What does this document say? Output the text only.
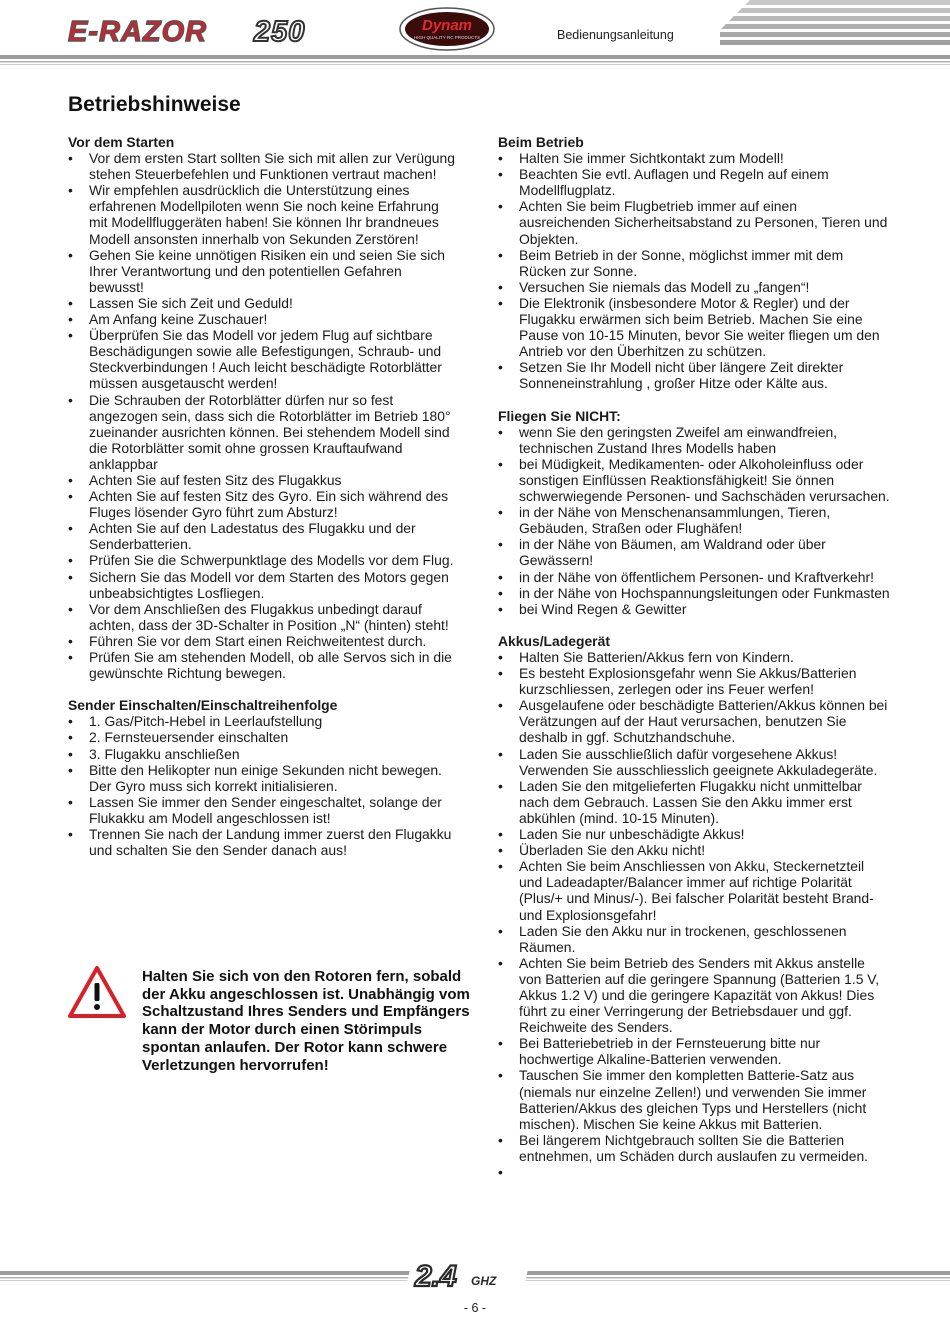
E-RAZOR 250	Dynam
HIGH QUALITY RC PRODUCTS	Bedienungsanleitung
Betriebshinweise

Vor dem Starten

• Vor dem ersten Start sollten Sie sich mit allen zur Verügung stehen Steuerbefehlen und Funktionen vertraut machen!
• Wir empfehlen ausdrücklich die Unterstützung eines erfahrenen Modellpiloten wenn Sie noch keine Erfahrung mit Modellfluggeräten haben! Sie können Ihr brandneues Modell ansonsten innerhalb von Sekunden Zerstören!
• Gehen Sie keine unnötigen Risiken ein und seien Sie sich Ihrer Verantwortung und den potentiellen Gefahren bewusst!
• Lassen Sie sich Zeit und Geduld!
• Am Anfang keine Zuschauer!
• Überprüfen Sie das Modell vor jedem Flug auf sichtbare Beschädigungen sowie alle Befestigungen, Schraub- und Steckverbindungen ! Auch leicht beschädigte Rotorblätter müssen ausgetauscht werden!
• Die Schrauben der Rotorblätter dürfen nur so fest angezogen sein, dass sich die Rotorblätter im Betrieb 180° zueinander ausrichten können. Bei stehendem Modell sind die Rotorblätter somit ohne grossen Krauftaufwand anklappbar
• Achten Sie auf festen Sitz des Flugakkus
• Achten Sie auf festen Sitz des Gyro. Ein sich während des Fluges lösender Gyro führt zum Absturz!
• Achten Sie auf den Ladestatus des Flugakku und der Senderbatterien.
• Prüfen Sie die Schwerpunktlage des Modells vor dem Flug.
• Sichern Sie das Modell vor dem Starten des Motors gegen unbeabsichtigtes Losfliegen.
• Vor dem Anschließen des Flugakkus unbedingt darauf achten, dass der 3D-Schalter in Position „N“ (hinten) steht!
• Führen Sie vor dem Start einen Reichweitentest durch.
• Prüfen Sie am stehenden Modell, ob alle Servos sich in die gewünschte Richtung bewegen.

Sender Einschalten/Einschaltreihenfolge

• 1. Gas/Pitch-Hebel in Leerlaufstellung
• 2. Fernsteuersender einschalten
• 3. Flugakku anschließen
• Bitte den Helikopter nun einige Sekunden nicht bewegen. Der Gyro muss sich korrekt initialisieren.
• Lassen Sie immer den Sender eingeschaltet, solange der Flukakku am Modell angeschlossen ist!
• Trennen Sie nach der Landung immer zuerst den Flugakku und schalten Sie den Sender danach aus!
Halten Sie sich von den Rotoren fern, sobald der Akku angeschlossen ist. Unabhängig vom Schaltzustand Ihres Senders und Empfängers kann der Motor durch einen Störimpuls spontan anlaufen. Der Rotor kann schwere Verletzungen hervorrufen!

Beim Betrieb

• Halten Sie immer Sichtkontakt zum Modell!
• Beachten Sie evtl. Auflagen und Regeln auf einem Modellflugplatz.
• Achten Sie beim Flugbetrieb immer auf einen ausreichenden Sicherheitsabstand zu Personen, Tieren und Objekten.
• Beim Betrieb in der Sonne, möglichst immer mit dem Rücken zur Sonne.
• Versuchen Sie niemals das Modell zu „fangen“!
• Die Elektronik (insbesondere Motor & Regler) und der Flugakku erwärmen sich beim Betrieb. Machen Sie eine Pause von 10-15 Minuten, bevor Sie weiter fliegen um den Antrieb vor den Überhitzen zu schützen.
• Setzen Sie Ihr Modell nicht über längere Zeit direkter Sonneneinstrahlung , großer Hitze oder Kälte aus.

Fliegen Sie NICHT:

• wenn Sie den geringsten Zweifel am einwandfreien, technischen Zustand Ihres Modells haben
• bei Müdigkeit, Medikamenten- oder Alkoholeinfluss oder sonstigen Einflüssen Reaktionsfähigkeit! Sie önnen schwerwiegende Personen- und Sachschäden verursachen.
• in der Nähe von Menschenansammlungen, Tieren, Gebäuden, Straßen oder Flughäfen!
• in der Nähe von Bäumen, am Waldrand oder über Gewässern!
• in der Nähe von öffentlichem Personen- und Kraftverkehr!
• in der Nähe von Hochspannungsleitungen oder Funkmasten
• bei Wind Regen & Gewitter

Akkus/Ladegerät

• Halten Sie Batterien/Akkus fern von Kindern.
• Es besteht Explosionsgefahr wenn Sie Akkus/Batterien kurzschliessen, zerlegen oder ins Feuer werfen!
• Ausgelaufene oder beschädigte Batterien/Akkus können bei Verätzungen auf der Haut verursachen, benutzen Sie deshalb in ggf. Schutzhandschuhe.
• Laden Sie ausschließlich dafür vorgesehene Akkus! Verwenden Sie ausschliesslich geeignete Akkuladegeräte.
• Laden Sie den mitgelieferten Flugakku nicht unmittelbar nach dem Gebrauch. Lassen Sie den Akku immer erst abkühlen (mind. 10-15 Minuten).
• Laden Sie nur unbeschädigte Akkus!
• Überladen Sie den Akku nicht!
• Achten Sie beim Anschliessen von Akku, Steckernetzteil und Ladeadapter/Balancer immer auf richtige Polarität (Plus/+ und Minus/-). Bei falscher Polarität besteht Brand- und Explosionsgefahr!
• Laden Sie den Akku nur in trockenen, geschlossenen Räumen.
• Achten Sie beim Betrieb des Senders mit Akkus anstelle von Batterien auf die geringere Spannung (Batterien 1.5 V, Akkus 1.2 V) und die geringere Kapazität von Akkus! Dies führt zu einer Verringerung der Betriebsdauer und ggf. Reichweite des Senders.
• Bei Batteriebetrieb in der Fernsteuerung bitte nur hochwertige Alkaline-Batterien verwenden.
• Tauschen Sie immer den kompletten Batterie-Satz aus (niemals nur einzelne Zellen!) und verwenden Sie immer Batterien/Akkus des gleichen Typs und Herstellers (nicht mischen). Mischen Sie keine Akkus mit Batterien.
• Bei längerem Nichtgebrauch sollten Sie die Batterien entnehmen, um Schäden durch auslaufen zu vermeiden.
•
2.4 GHZ
- 6 -
